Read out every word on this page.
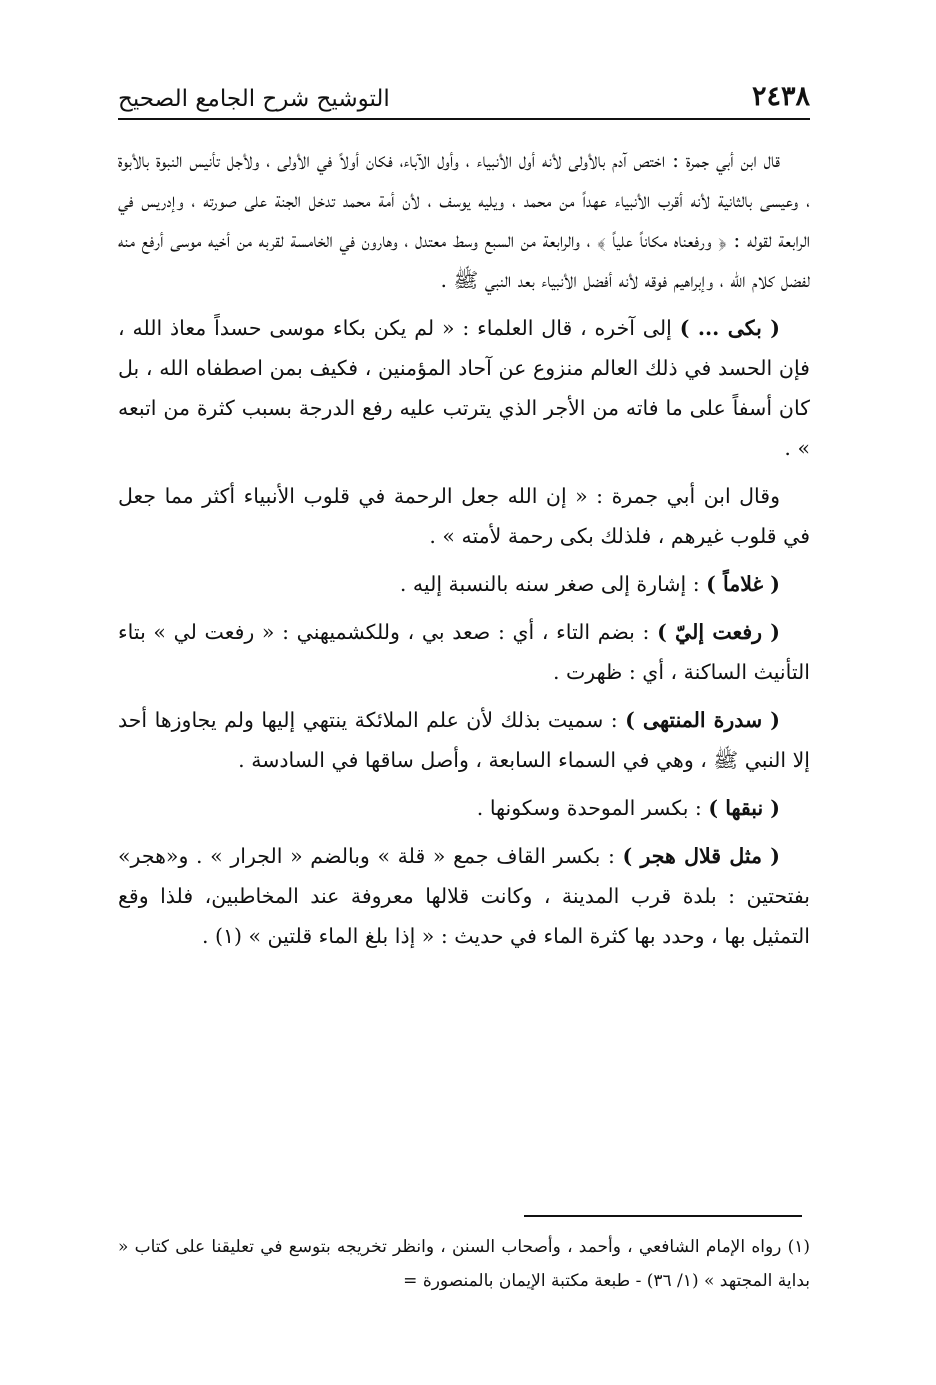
٢٤٣٨
التوشيح شرح الجامع الصحيح

قال ابن أبي جمرة : اختص آدم بالأولى لأنه أول الأنبياء ، وأول الآباء، فكان أولاً في الأولى ، ولأجل تأنيس النبوة بالأبوة ، وعيسى بالثانية لأنه أقرب الأنبياء عهداً من محمد ، ويليه يوسف ، لأن أمة محمد تدخل الجنة على صورته ، وإدريس في الرابعة لقوله : ﴿ ورفعناه مكاناً علياً ﴾ ، والرابعة من السبع وسط معتدل ، وهارون في الخامسة لقربه من أخيه موسى أرفع منه لفضل كلام الله ، وإبراهيم فوقه لأنه أفضل الأنبياء بعد النبي ﷺ .

( بكى ... ) إلى آخره ، قال العلماء : « لم يكن بكاء موسى حسداً معاذ الله ، فإن الحسد في ذلك العالم منزوع عن آحاد المؤمنين ، فكيف بمن اصطفاه الله ، بل كان أسفاً على ما فاته من الأجر الذي يترتب عليه رفع الدرجة بسبب كثرة من اتبعه » .

وقال ابن أبي جمرة : « إن الله جعل الرحمة في قلوب الأنبياء أكثر مما جعل في قلوب غيرهم ، فلذلك بكى رحمة لأمته » .

( غلاماً ) : إشارة إلى صغر سنه بالنسبة إليه .

( رفعت إليّ ) : بضم التاء ، أي : صعد بي ، وللكشميهني : « رفعت لي » بتاء التأنيث الساكنة ، أي : ظهرت .

( سدرة المنتهى ) : سميت بذلك لأن علم الملائكة ينتهي إليها ولم يجاوزها أحد إلا النبي ﷺ ، وهي في السماء السابعة ، وأصل ساقها في السادسة .

( نبقها ) : بكسر الموحدة وسكونها .

( مثل قلال هجر ) : بكسر القاف جمع « قلة » وبالضم « الجرار » . و«هجر» بفتحتين : بلدة قرب المدينة ، وكانت قلالها معروفة عند المخاطبين، فلذا وقع التمثيل بها ، وحدد بها كثرة الماء في حديث : « إذا بلغ الماء قلتين » (١) .

(١) رواه الإمام الشافعي ، وأحمد ، وأصحاب السنن ، وانظر تخريجه بتوسع في تعليقنا على كتاب « بداية المجتهد » (١/ ٣٦) - طبعة مكتبة الإيمان بالمنصورة =
